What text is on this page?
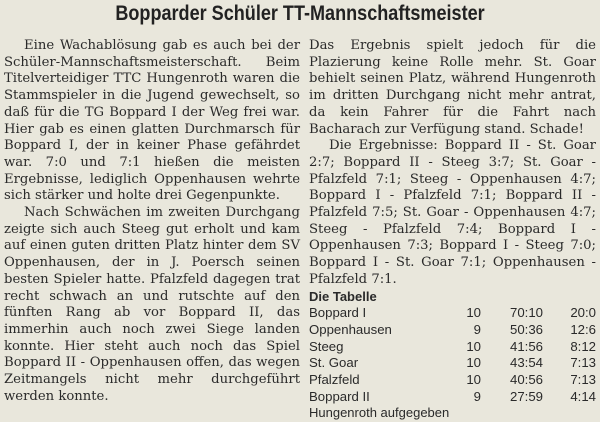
Bopparder Schüler TT-Mannschaftsmeister

Eine Wachablösung gab es auch bei der Schüler-Mannschaftsmeisterschaft. Beim Titelverteidiger TTC Hungenroth waren die Stammspieler in die Jugend gewechselt, so daß für die TG Boppard I der Weg frei war. Hier gab es einen glatten Durchmarsch für Boppard I, der in keiner Phase gefährdet war. 7:0 und 7:1 hießen die meisten Ergebnisse, lediglich Oppenhausen wehrte sich stärker und holte drei Gegenpunkte.

Nach Schwächen im zweiten Durchgang zeigte sich auch Steeg gut erholt und kam auf einen guten dritten Platz hinter dem SV Oppenhausen, der in J. Poersch seinen besten Spieler hatte. Pfalzfeld dagegen trat recht schwach an und rutschte auf den fünften Rang ab vor Boppard II, das immerhin auch noch zwei Siege landen konnte. Hier steht auch noch das Spiel Boppard II - Oppenhausen offen, das wegen Zeitmangels nicht mehr durchgeführt werden konnte.

Das Ergebnis spielt jedoch für die Plazierung keine Rolle mehr. St. Goar behielt seinen Platz, während Hungenroth im dritten Durchgang nicht mehr antrat, da kein Fahrer für die Fahrt nach Bacharach zur Verfügung stand. Schade!

Die Ergebnisse: Boppard II - St. Goar 2:7; Boppard II - Steeg 3:7; St. Goar - Pfalzfeld 7:1; Steeg - Oppenhausen 4:7; Boppard I - Pfalzfeld 7:1; Boppard II - Pfalzfeld 7:5; St. Goar - Oppenhausen 4:7; Steeg - Pfalzfeld 7:4; Boppard I - Oppenhausen 7:3; Boppard I - Steeg 7:0; Boppard I - St. Goar 7:1; Oppenhausen - Pfalzfeld 7:1.

Die Tabelle
Boppard I	10	70:10	20:0
Oppenhausen	9	50:36	12:6
Steeg	10	41:56	8:12
St. Goar	10	43:54	7:13
Pfalzfeld	10	40:56	7:13
Boppard II	9	27:59	4:14
Hungenroth aufgegeben
